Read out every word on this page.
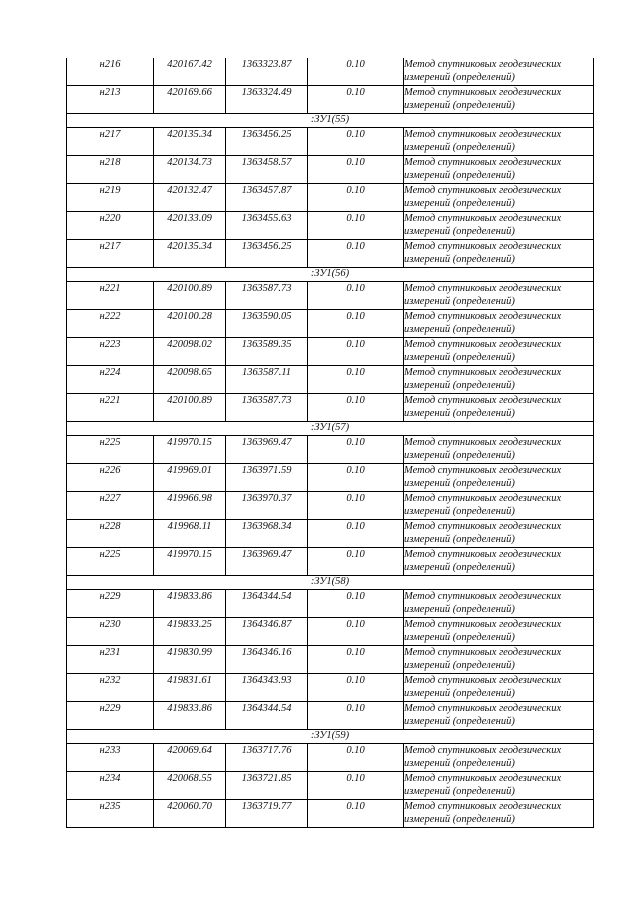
н216	420167.42	1363323.87	0.10	Метод спутниковых геодезических измерений (определений)
н213	420169.66	1363324.49	0.10	Метод спутниковых геодезических измерений (определений)
:ЗУ1(55)				
н217	420135.34	1363456.25	0.10	Метод спутниковых геодезических измерений (определений)
н218	420134.73	1363458.57	0.10	Метод спутниковых геодезических измерений (определений)
н219	420132.47	1363457.87	0.10	Метод спутниковых геодезических измерений (определений)
н220	420133.09	1363455.63	0.10	Метод спутниковых геодезических измерений (определений)
н217	420135.34	1363456.25	0.10	Метод спутниковых геодезических измерений (определений)
:ЗУ1(56)				
н221	420100.89	1363587.73	0.10	Метод спутниковых геодезических измерений (определений)
н222	420100.28	1363590.05	0.10	Метод спутниковых геодезических измерений (определений)
н223	420098.02	1363589.35	0.10	Метод спутниковых геодезических измерений (определений)
н224	420098.65	1363587.11	0.10	Метод спутниковых геодезических измерений (определений)
н221	420100.89	1363587.73	0.10	Метод спутниковых геодезических измерений (определений)
:ЗУ1(57)				
н225	419970.15	1363969.47	0.10	Метод спутниковых геодезических измерений (определений)
н226	419969.01	1363971.59	0.10	Метод спутниковых геодезических измерений (определений)
н227	419966.98	1363970.37	0.10	Метод спутниковых геодезических измерений (определений)
н228	419968.11	1363968.34	0.10	Метод спутниковых геодезических измерений (определений)
н225	419970.15	1363969.47	0.10	Метод спутниковых геодезических измерений (определений)
:ЗУ1(58)				
н229	419833.86	1364344.54	0.10	Метод спутниковых геодезических измерений (определений)
н230	419833.25	1364346.87	0.10	Метод спутниковых геодезических измерений (определений)
н231	419830.99	1364346.16	0.10	Метод спутниковых геодезических измерений (определений)
н232	419831.61	1364343.93	0.10	Метод спутниковых геодезических измерений (определений)
н229	419833.86	1364344.54	0.10	Метод спутниковых геодезических измерений (определений)
:ЗУ1(59)				
н233	420069.64	1363717.76	0.10	Метод спутниковых геодезических измерений (определений)
н234	420068.55	1363721.85	0.10	Метод спутниковых геодезических измерений (определений)
н235	420060.70	1363719.77	0.10	Метод спутниковых геодезических измерений (определений)
